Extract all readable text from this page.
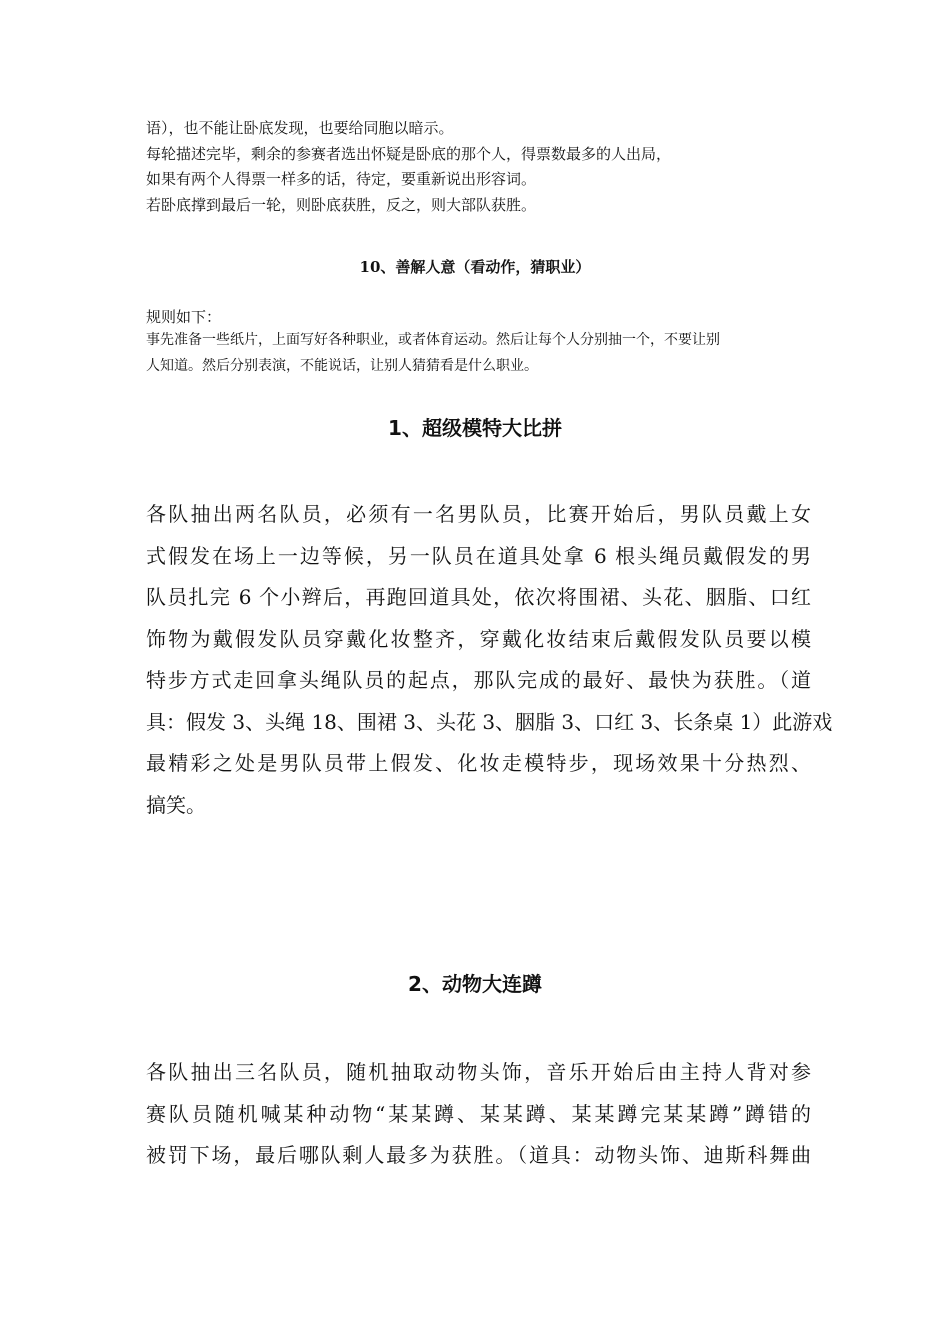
语），也不能让卧底发现，也要给同胞以暗示。
每轮描述完毕，剩余的参赛者选出怀疑是卧底的那个人，得票数最多的人出局，
如果有两个人得票一样多的话，待定，要重新说出形容词。
若卧底撑到最后一轮，则卧底获胜，反之，则大部队获胜。
10、善解人意（看动作，猜职业）
规则如下：
事先准备一些纸片，上面写好各种职业，或者体育运动。然后让每个人分别抽一个，不要让别
人知道。然后分别表演，不能说话，让别人猜猜看是什么职业。
1、超级模特大比拼
各队抽出两名队员，必须有一名男队员，比赛开始后，男队员戴上女
式假发在场上一边等候，另一队员在道具处拿 6 根头绳员戴假发的男
队员扎完 6 个小辫后，再跑回道具处，依次将围裙、头花、胭脂、口红
饰物为戴假发队员穿戴化妆整齐，穿戴化妆结束后戴假发队员要以模
特步方式走回拿头绳队员的起点，那队完成的最好、最快为获胜。（道
具：假发 3、头绳 18、围裙 3、头花 3、胭脂 3、口红 3、长条桌 1）此游戏
最精彩之处是男队员带上假发、化妆走模特步，现场效果十分热烈、
搞笑。
2、动物大连蹲
各队抽出三名队员，随机抽取动物头饰，音乐开始后由主持人背对参
赛队员随机喊某种动物“某某蹲、某某蹲、某某蹲完某某蹲”蹲错的
被罚下场，最后哪队剩人最多为获胜。（道具：动物头饰、迪斯科舞曲
